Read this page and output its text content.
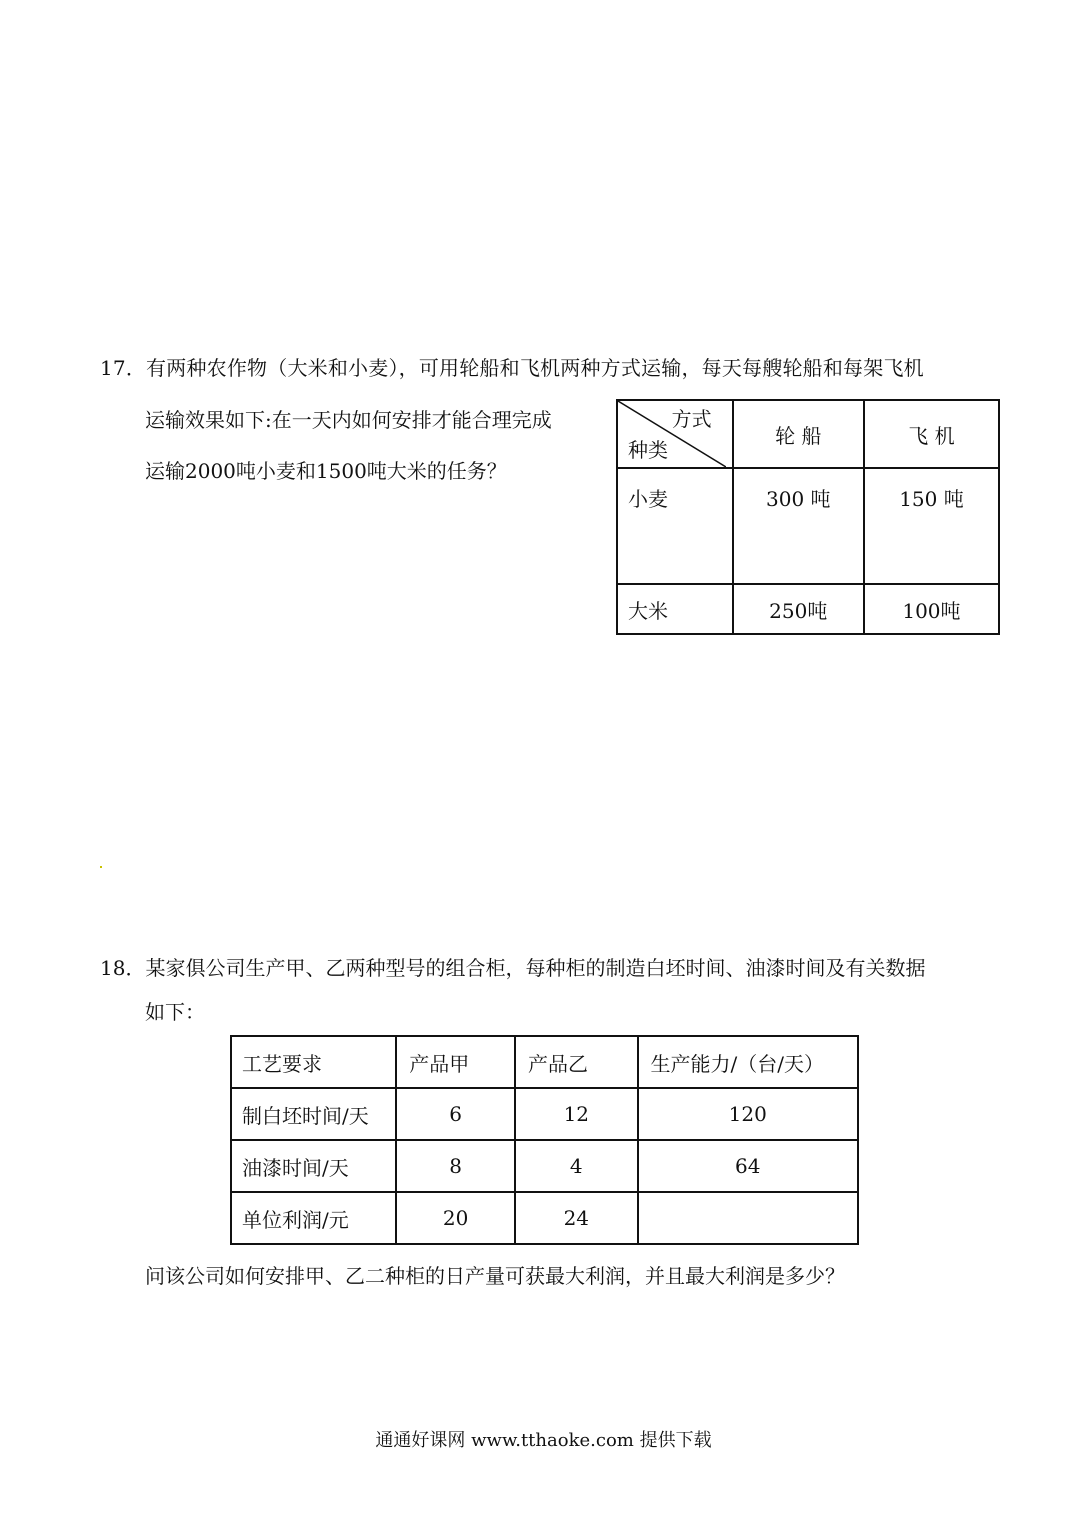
17．有两种农作物（大米和小麦），可用轮船和飞机两种方式运输，每天每艘轮船和每架飞机
运输效果如下:在一天内如何安排才能合理完成
运输2000吨小麦和1500吨大米的任务？
方式
种类	轮 船	飞 机
小麦	300 吨	150 吨
大米	250吨	100吨
18．某家俱公司生产甲、乙两种型号的组合柜，每种柜的制造白坯时间、油漆时间及有关数据
如下：
工艺要求	产品甲	产品乙	生产能力/（台/天）
制白坯时间/天	6	12	120
油漆时间/天	8	4	64
单位利润/元	20	24	
问该公司如何安排甲、乙二种柜的日产量可获最大利润，并且最大利润是多少？
通通好课网 www.tthaoke.com 提供下载
